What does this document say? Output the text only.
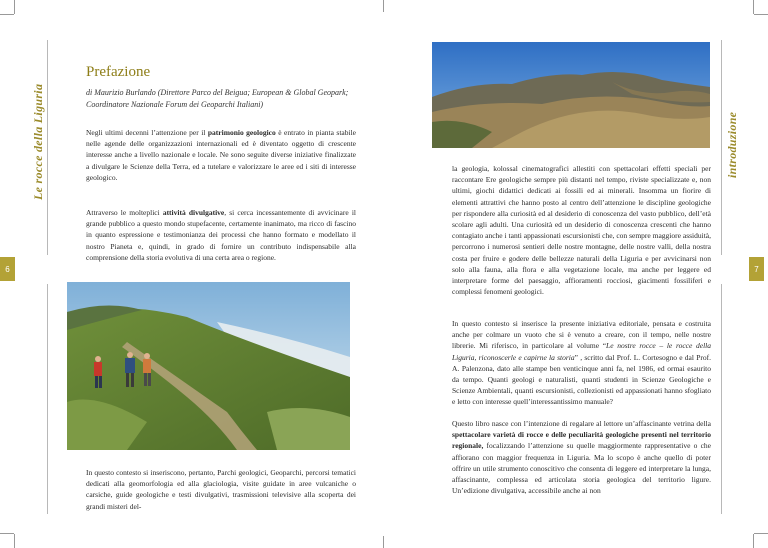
Le rocce della Liguria
6
introduzione
7
Prefazione
di Maurizio Burlando (Direttore Parco del Beigua; European & Global Geopark; Coordinatore Nazionale Forum dei Geoparchi Italiani)

Negli ultimi decenni l’attenzione per il patrimonio geologico è entrato in pianta stabile nelle agende delle organizzazioni internazionali ed è diventato oggetto di crescente interesse anche a livello nazionale e locale. Ne sono seguite diverse iniziative finalizzate a divulgare le Scienze della Terra, ed a tutelare e valorizzare le aree ed i siti di interesse geologico.

Attraverso le molteplici attività divulgative, si cerca incessantemente di avvicinare il grande pubblico a questo mondo stupefacente, certamente inanimato, ma ricco di fascino in quanto espressione e testimonianza dei processi che hanno formato e modellato il nostro Pianeta e, quindi, in grado di fornire un contributo indispensabile alla comprensione della storia evolutiva di una certa area o regione.

In questo contesto si inseriscono, pertanto, Parchi geologici, Geoparchi, percorsi tematici dedicati alla geomorfologia ed alla glaciologia, visite guidate in aree vulcaniche o carsiche, guide geologiche e testi divulgativi, trasmissioni televisive alla scoperta dei grandi misteri del-

la geologia, kolossal cinematografici allestiti con spettacolari effetti speciali per raccontare Ere geologiche sempre più distanti nel tempo, riviste specializzate e, non ultimi, giochi didattici dedicati ai fossili ed ai minerali. Insomma un fiorire di elementi attrattivi che hanno posto al centro dell’attenzione le discipline geologiche per rispondere alla curiosità ed al desiderio di conoscenza del vasto pubblico, dell’età scolare agli adulti. Una curiosità ed un desiderio di conoscenza crescenti che hanno contagiato anche i tanti appassionati escursionisti che, con sempre maggiore assiduità, percorrono i numerosi sentieri delle nostre montagne, delle nostre valli, della nostra costa per fruire e godere delle bellezze naturali della Liguria e per avvicinarsi non solo alla fauna, alla flora e alla vegetazione locale, ma anche per leggere ed interpretare forme del paesaggio, affioramenti rocciosi, giacimenti fossiliferi e complessi fenomeni geologici.

In questo contesto si inserisce la presente iniziativa editoriale, pensata e costruita anche per colmare un vuoto che si è venuto a creare, con il tempo, nelle nostre librerie. Mi riferisco, in particolare al volume “Le nostre rocce – le rocce della Liguria, riconoscerle e capirne la storia” , scritto dal Prof. L. Cortesogno e dal Prof. A. Palenzona, dato alle stampe ben venticinque anni fa, nel 1986, ed ormai esaurito da tempo. Quanti geologi e naturalisti, quanti studenti in Scienze Geologiche e Scienze Ambientali, quanti escursionisti, collezionisti ed appassionati hanno sfogliato e letto con interesse quell’interessantissimo manuale?

Questo libro nasce con l’intenzione di regalare al lettore un’affascinante vetrina della spettacolare varietà di rocce e delle peculiarità geologiche presenti nel territorio regionale, focalizzando l’attenzione su quelle maggiormente rappresentative o che affiorano con maggior frequenza in Liguria. Ma lo scopo è anche quello di poter offrire un utile strumento conoscitivo che consenta di leggere ed interpretare la lunga, affascinante, complessa ed articolata storia geologica del territorio ligure. Un’edizione divulgativa, accessibile anche ai non
